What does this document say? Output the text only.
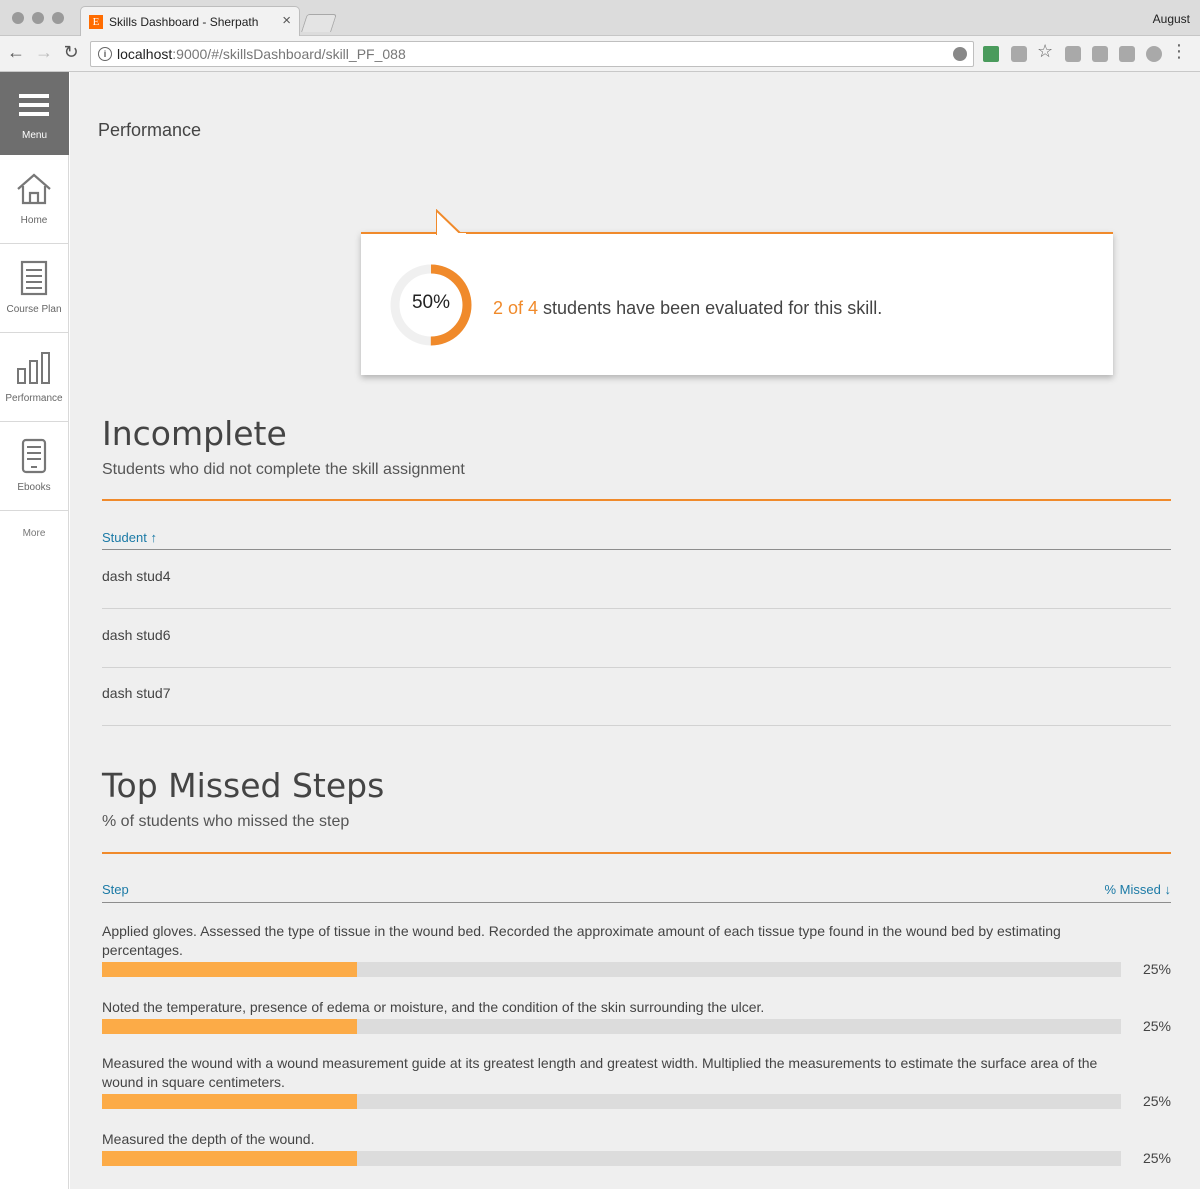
E Skills Dashboard - Sherpath ×	August
← → ↻	i localhost:9000/#/skillsDashboard/skill_PF_088	☆	⋮
Menu
Home
Course Plan
Performance
Ebooks
More
Performance
50%	2 of 4 students have been evaluated for this skill.
Incomplete
Students who did not complete the skill assignment
Student ↑
dash stud4
dash stud6
dash stud7
Top Missed Steps
% of students who missed the step
Step	% Missed ↓
Applied gloves. Assessed the type of tissue in the wound bed. Recorded the approximate amount of each tissue type found in the wound bed by estimating percentages.
25%
Noted the temperature, presence of edema or moisture, and the condition of the skin surrounding the ulcer.
25%
Measured the wound with a wound measurement guide at its greatest length and greatest width. Multiplied the measurements to estimate the surface area of the wound in square centimeters.
25%
Measured the depth of the wound.
25%
